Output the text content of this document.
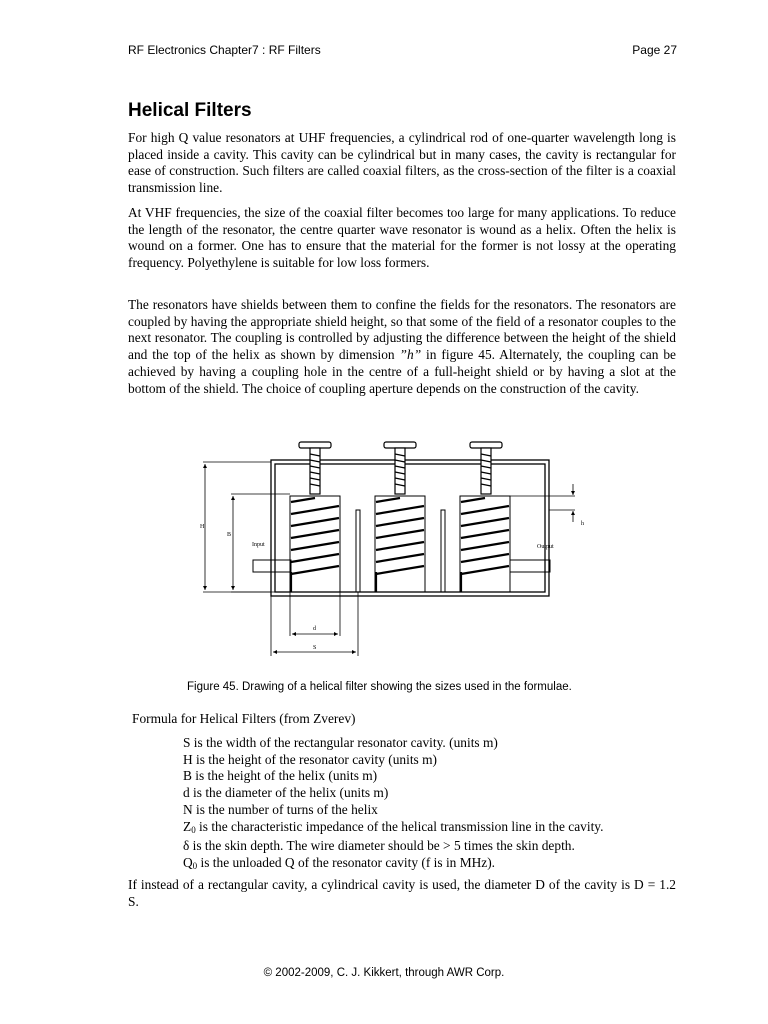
RF Electronics Chapter7 : RF Filters	Page 27
Helical Filters

For high Q value resonators at UHF frequencies, a cylindrical rod of one-quarter wavelength long is placed inside a cavity. This cavity can be cylindrical but in many cases, the cavity is rectangular for ease of construction. Such filters are called coaxial filters, as the cross-section of the filter is a coaxial transmission line.

At VHF frequencies, the size of the coaxial filter becomes too large for many applications. To reduce the length of the resonator, the centre quarter wave resonator is wound as a helix. Often the helix is wound on a former. One has to ensure that the material for the former is not lossy at the operating frequency. Polyethylene is suitable for low loss formers.

The resonators have shields between them to confine the fields for the resonators. The resonators are coupled by having the appropriate shield height, so that some of the field of a resonator couples to the next resonator. The coupling is controlled by adjusting the difference between the height of the shield and the top of the helix as shown by dimension ”h” in figure 45. Alternately, the coupling can be achieved by having a coupling hole in the centre of a full-height shield or by having a slot at the bottom of the shield. The choice of coupling aperture depends on the construction of the cavity.

H
B
Input	Output
h
d
S
Figure 45. Drawing of a helical filter showing the sizes used in the formulae.
Formula for Helical Filters (from Zverev)
S is the width of the rectangular resonator cavity. (units m)
H is the height of the resonator cavity (units m)
B is the height of the helix (units m)
d is the diameter of the helix (units m)
N is the number of turns of the helix
$Z_0$ is the characteristic impedance of the helical transmission line in the cavity.
δ is the skin depth. The wire diameter should be > 5 times the skin depth.
$Q_0$ is the unloaded Q of the resonator cavity (f is in MHz).

If instead of a rectangular cavity, a cylindrical cavity is used, the diameter D of the cavity is D = 1.2 S.

© 2002-2009, C. J. Kikkert, through AWR Corp.
